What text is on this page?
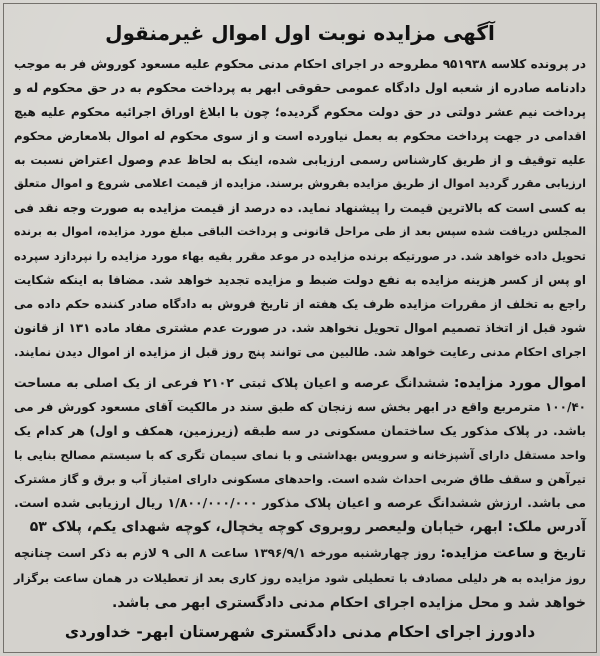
آگهی مزایده نوبت اول اموال غیرمنقول
در پرونده کلاسه ۹۵۱۹۳۸ مطروحه در اجرای احکام مدنی محکوم علیه مسعود کوروش فر به موجب
دادنامه صادره از شعبه اول دادگاه عمومی حقوقی ابهر به پرداخت محکوم به در حق محکوم له و
پرداخت نیم عشر دولتی در حق دولت محکوم گردیده؛ چون با ابلاغ اوراق اجرائیه محکوم علیه هیچ
اقدامی در جهت پرداخت محکوم به بعمل نیاورده است و از سوی محکوم له اموال بلامعارض محکوم
علیه توقیف و از طریق کارشناس رسمی ارزیابی شده، اینک به لحاظ عدم وصول اعتراض نسبت به
ارزیابی مقرر گردید اموال از طریق مزایده بفروش برسند. مزایده از قیمت اعلامی شروع و اموال متعلق
به کسی است که بالاترین قیمت را پیشنهاد نماید. ده درصد از قیمت مزایده به صورت وجه نقد فی
المجلس دریافت شده سپس بعد از طی مراحل قانونی و پرداخت الباقی مبلغ مورد مزایده، اموال به برنده
تحویل داده خواهد شد. در صورتیکه برنده مزایده در موعد مقرر بقیه بهاء مورد مزایده را نپردازد سپرده
او پس از کسر هزینه مزایده به نفع دولت ضبط و مزایده تجدید خواهد شد. مضافا به اینکه شکایت
راجع به تخلف از مقررات مزایده ظرف یک هفته از تاریخ فروش به دادگاه صادر کننده حکم داده می
شود قبل از اتخاذ تصمیم اموال تحویل نخواهد شد. در صورت عدم مشتری مفاد ماده ۱۳۱ از قانون
اجرای احکام مدنی رعایت خواهد شد. طالبین می توانند پنج روز قبل از مزایده از اموال دیدن نمایند.
اموال مورد مزایده: ششدانگ عرصه و اعیان پلاک ثبتی ۲۱۰۲ فرعی از یک اصلی به مساحت
۱۰۰/۴۰ مترمربع واقع در ابهر بخش سه زنجان که طبق سند در مالکیت آقای مسعود کورش فر می
باشد. در پلاک مذکور یک ساختمان مسکونی در سه طبقه (زیرزمین، همکف و اول) هر کدام یک
واحد مستقل دارای آشپزخانه و سرویس بهداشتی و با نمای سیمان تگری که با سیستم مصالح بنایی با
تیرآهن و سقف طاق ضربی احداث شده است. واحدهای مسکونی دارای امتیاز آب و برق و گاز مشترک
می باشد. ارزش ششدانگ عرصه و اعیان پلاک مذکور ۱/۸۰۰/۰۰۰/۰۰۰ ریال ارزیابی شده است.
آدرس ملک: ابهر، خیابان ولیعصر روبروی کوچه یخچال، کوچه شهدای یکم، پلاک ۵۳
تاریخ و ساعت مزایده: روز چهارشنبه مورخه ۱۳۹۶/۹/۱ ساعت ۸ الی ۹ لازم به ذکر است چنانچه
روز مزایده به هر دلیلی مصادف با تعطیلی شود مزایده روز کاری بعد از تعطیلات در همان ساعت برگزار
خواهد شد و محل مزایده اجرای احکام مدنی دادگستری ابهر می باشد.
دادورز اجرای احکام مدنی دادگستری شهرستان ابهر- خداوردی
